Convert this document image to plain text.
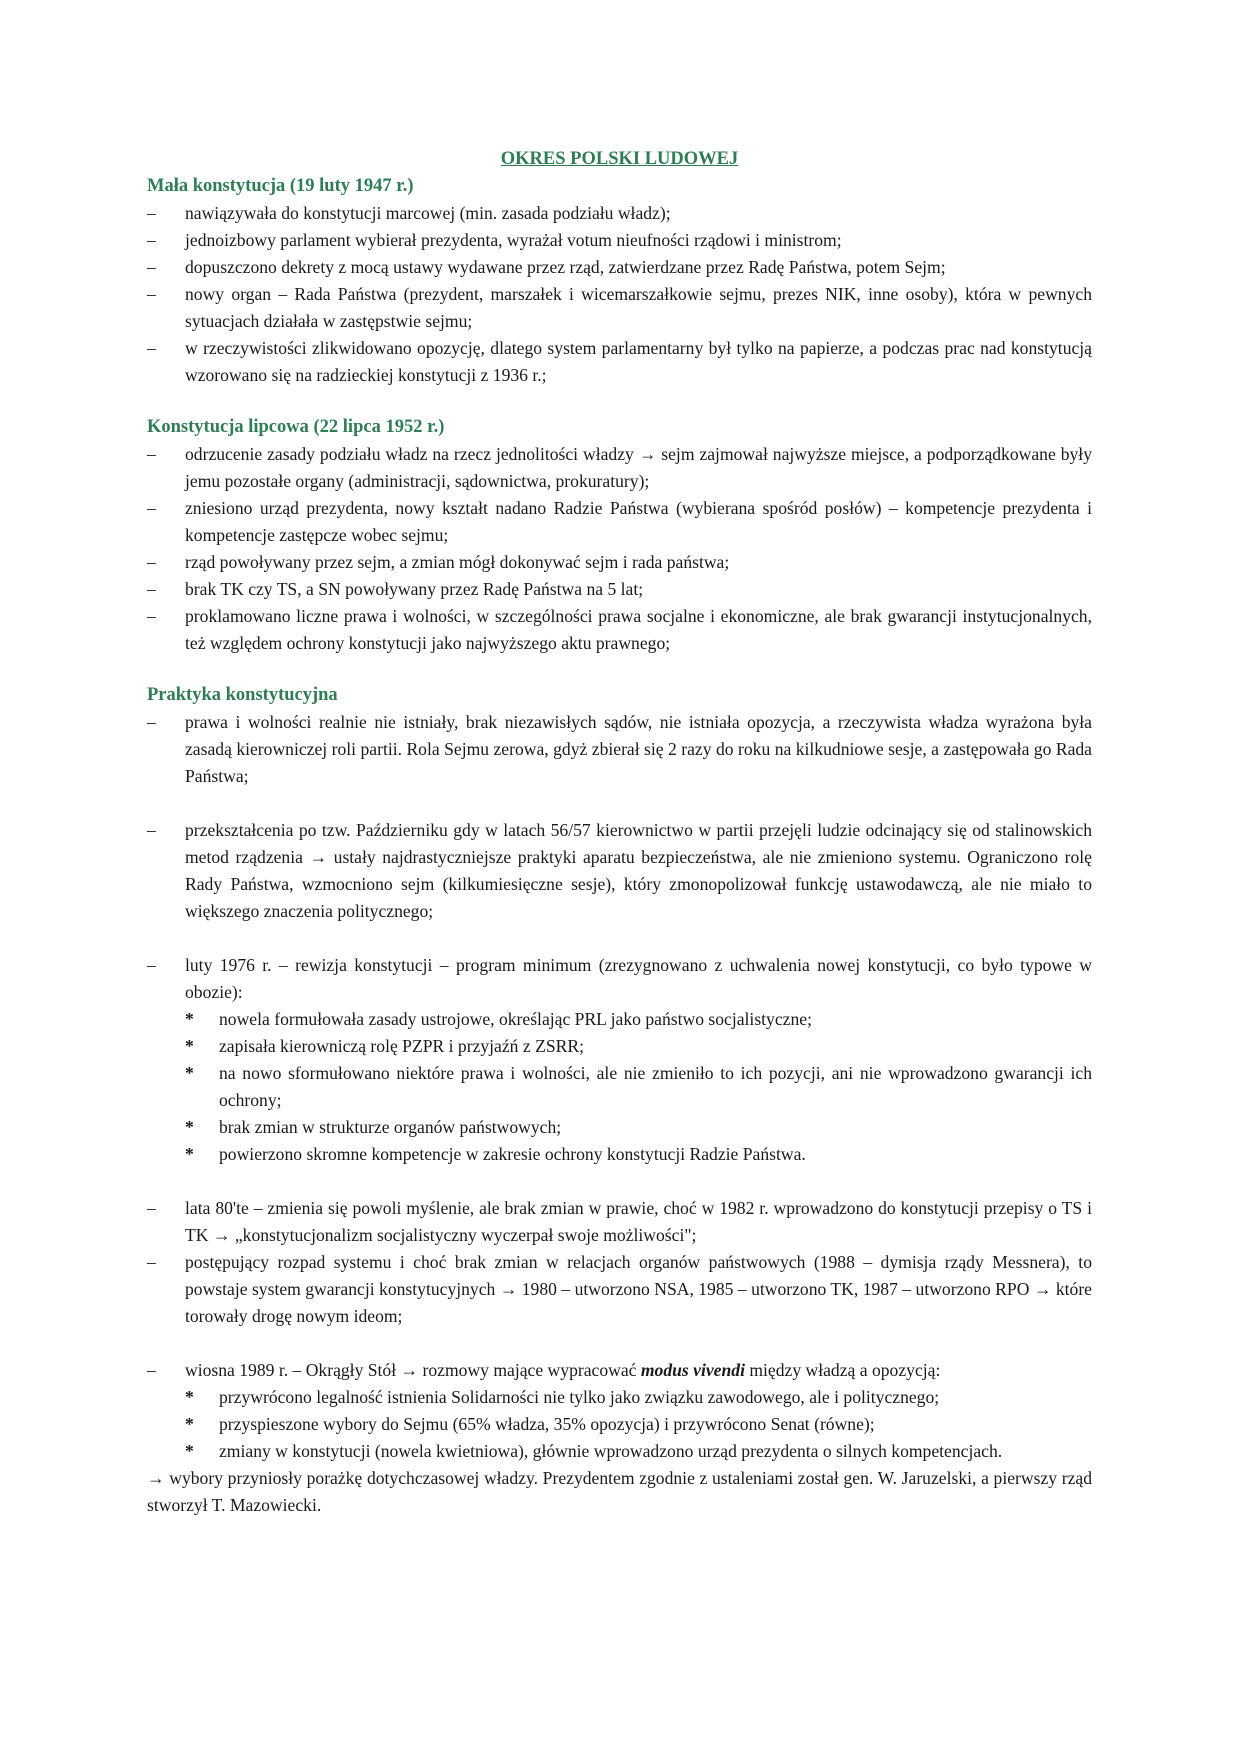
OKRES POLSKI LUDOWEJ

Mała konstytucja (19 luty 1947 r.)

– nawiązywała do konstytucji marcowej (min. zasada podziału władz);

– jednoizbowy parlament wybierał prezydenta, wyrażał votum nieufności rządowi i ministrom;

– dopuszczono dekrety z mocą ustawy wydawane przez rząd, zatwierdzane przez Radę Państwa, potem Sejm;

– nowy organ – Rada Państwa (prezydent, marszałek i wicemarszałkowie sejmu, prezes NIK, inne osoby), która w pewnych sytuacjach działała w zastępstwie sejmu;

– w rzeczywistości zlikwidowano opozycję, dlatego system parlamentarny był tylko na papierze, a podczas prac nad konstytucją wzorowano się na radzieckiej konstytucji z 1936 r.;

Konstytucja lipcowa (22 lipca 1952 r.)

– odrzucenie zasady podziału władz na rzecz jednolitości władzy → sejm zajmował najwyższe miejsce, a podporządkowane były jemu pozostałe organy (administracji, sądownictwa, prokuratury);

– zniesiono urząd prezydenta, nowy kształt nadano Radzie Państwa (wybierana spośród posłów) – kompetencje prezydenta i kompetencje zastępcze wobec sejmu;

– rząd powoływany przez sejm, a zmian mógł dokonywać sejm i rada państwa;

– brak TK czy TS, a SN powoływany przez Radę Państwa na 5 lat;

– proklamowano liczne prawa i wolności, w szczególności prawa socjalne i ekonomiczne, ale brak gwarancji instytucjonalnych, też względem ochrony konstytucji jako najwyższego aktu prawnego;

Praktyka konstytucyjna

– prawa i wolności realnie nie istniały, brak niezawisłych sądów, nie istniała opozycja, a rzeczywista władza wyrażona była zasadą kierowniczej roli partii. Rola Sejmu zerowa, gdyż zbierał się 2 razy do roku na kilkudniowe sesje, a zastępowała go Rada Państwa;

– przekształcenia po tzw. Październiku gdy w latach 56/57 kierownictwo w partii przejęli ludzie odcinający się od stalinowskich metod rządzenia → ustały najdrastyczniejsze praktyki aparatu bezpieczeństwa, ale nie zmieniono systemu. Ograniczono rolę Rady Państwa, wzmocniono sejm (kilkumiesięczne sesje), który zmonopolizował funkcję ustawodawczą, ale nie miało to większego znaczenia politycznego;

– luty 1976 r. – rewizja konstytucji – program minimum (zrezygnowano z uchwalenia nowej konstytucji, co było typowe w obozie):

* nowela formułowała zasady ustrojowe, określając PRL jako państwo socjalistyczne;

* zapisała kierowniczą rolę PZPR i przyjaźń z ZSRR;

* na nowo sformułowano niektóre prawa i wolności, ale nie zmieniło to ich pozycji, ani nie wprowadzono gwarancji ich ochrony;

* brak zmian w strukturze organów państwowych;

* powierzono skromne kompetencje w zakresie ochrony konstytucji Radzie Państwa.

– lata 80'te – zmienia się powoli myślenie, ale brak zmian w prawie, choć w 1982 r. wprowadzono do konstytucji przepisy o TS i TK → „konstytucjonalizm socjalistyczny wyczerpał swoje możliwości";

– postępujący rozpad systemu i choć brak zmian w relacjach organów państwowych (1988 – dymisja rządy Messnera), to powstaje system gwarancji konstytucyjnych → 1980 – utworzono NSA, 1985 – utworzono TK, 1987 – utworzono RPO → które torowały drogę nowym ideom;

– wiosna 1989 r. – Okrągły Stół → rozmowy mające wypracować modus vivendi między władzą a opozycją:

* przywrócono legalność istnienia Solidarności nie tylko jako związku zawodowego, ale i politycznego;

* przyspieszone wybory do Sejmu (65% władza, 35% opozycja) i przywrócono Senat (równe);

* zmiany w konstytucji (nowela kwietniowa), głównie wprowadzono urząd prezydenta o silnych kompetencjach.

→ wybory przyniosły porażkę dotychczasowej władzy. Prezydentem zgodnie z ustaleniami został gen. W. Jaruzelski, a pierwszy rząd stworzył T. Mazowiecki.
